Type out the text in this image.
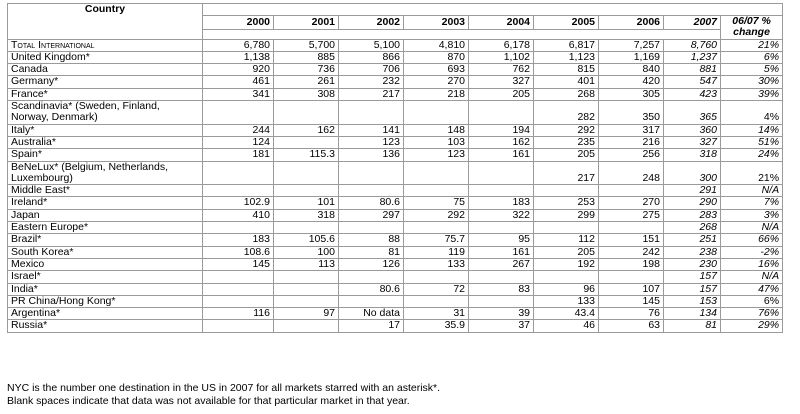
Country									
	2000	2001	2002	2003	2004	2005	2006	2007	06/07 % change

Total International	6,780	5,700	5,100	4,810	6,178	6,817	7,257	8,760	21%
United Kingdom*	1,138	885	866	870	1,102	1,123	1,169	1,237	6%
Canada	920	736	706	693	762	815	840	881	5%
Germany*	461	261	232	270	327	401	420	547	30%
France*	341	308	217	218	205	268	305	423	39%
Scandinavia* (Sweden, Finland, Norway, Denmark)						282	350	365	4%
Italy*	244	162	141	148	194	292	317	360	14%
Australia*	124		123	103	162	235	216	327	51%
Spain*	181	115.3	136	123	161	205	256	318	24%
BeNeLux* (Belgium, Netherlands, Luxembourg)						217	248	300	21%
Middle East*								291	N/A
Ireland*	102.9	101	80.6	75	183	253	270	290	7%
Japan	410	318	297	292	322	299	275	283	3%
Eastern Europe*								268	N/A
Brazil*	183	105.6	88	75.7	95	112	151	251	66%
South Korea*	108.6	100	81	119	161	205	242	238	-2%
Mexico	145	113	126	133	267	192	198	230	16%
Israel*								157	N/A
India*			80.6	72	83	96	107	157	47%
PR China/Hong Kong*						133	145	153	6%
Argentina*	116	97	No data	31	39	43.4	76	134	76%
Russia*			17	35.9	37	46	63	81	29%
NYC is the number one destination in the US in 2007 for all markets starred with an asterisk*.
Blank spaces indicate that data was not available for that particular market in that year.
